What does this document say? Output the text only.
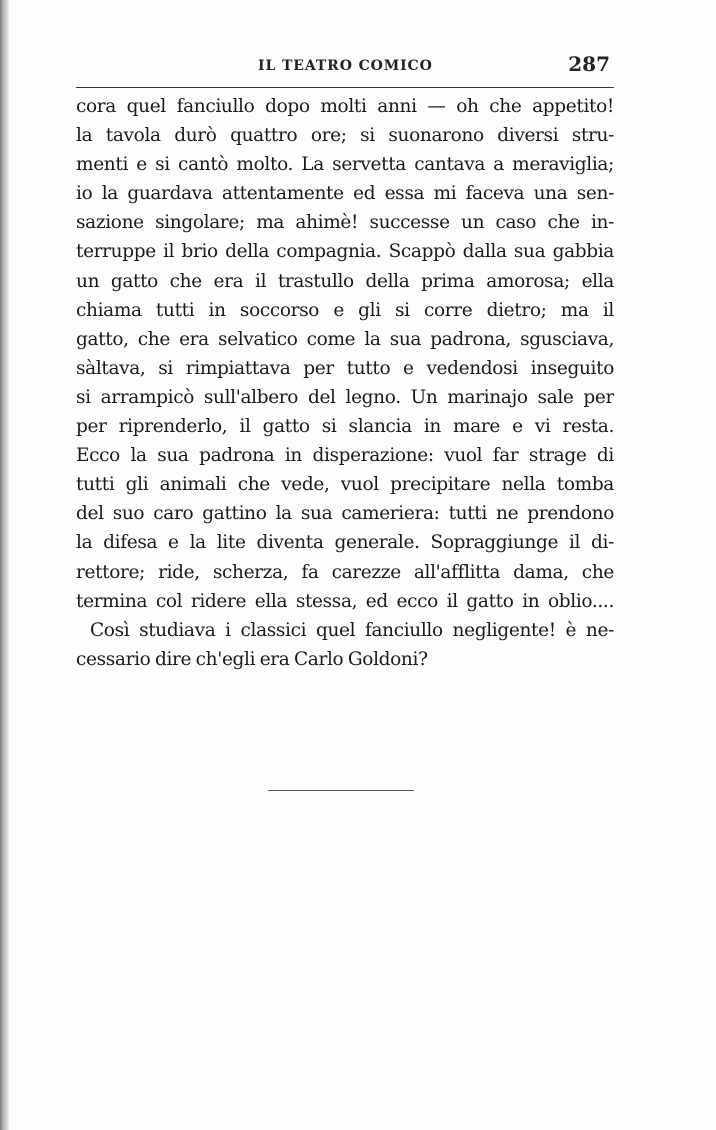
IL TEATRO COMICO	287
cora quel fanciullo dopo molti anni — oh che appetito!
la tavola durò quattro ore; si suonarono diversi stru-
menti e si cantò molto. La servetta cantava a meraviglia;
io la guardava attentamente ed essa mi faceva una sen-
sazione singolare; ma ahimè! successe un caso che in-
terruppe il brio della compagnia. Scappò dalla sua gabbia
un gatto che era il trastullo della prima amorosa; ella
chiama tutti in soccorso e gli si corre dietro; ma il
gatto, che era selvatico come la sua padrona, sgusciava,
sàltava, si rimpiattava per tutto e vedendosi inseguito
si arrampicò sull'albero del legno. Un marinajo sale per
per riprenderlo, il gatto si slancia in mare e vi resta.
Ecco la sua padrona in disperazione: vuol far strage di
tutti gli animali che vede, vuol precipitare nella tomba
del suo caro gattino la sua cameriera: tutti ne prendono
la difesa e la lite diventa generale. Sopraggiunge il di-
rettore; ride, scherza, fa carezze all'afflitta dama, che
termina col ridere ella stessa, ed ecco il gatto in oblio....
Così studiava i classici quel fanciullo negligente! è ne-
cessario dire ch'egli era Carlo Goldoni?
